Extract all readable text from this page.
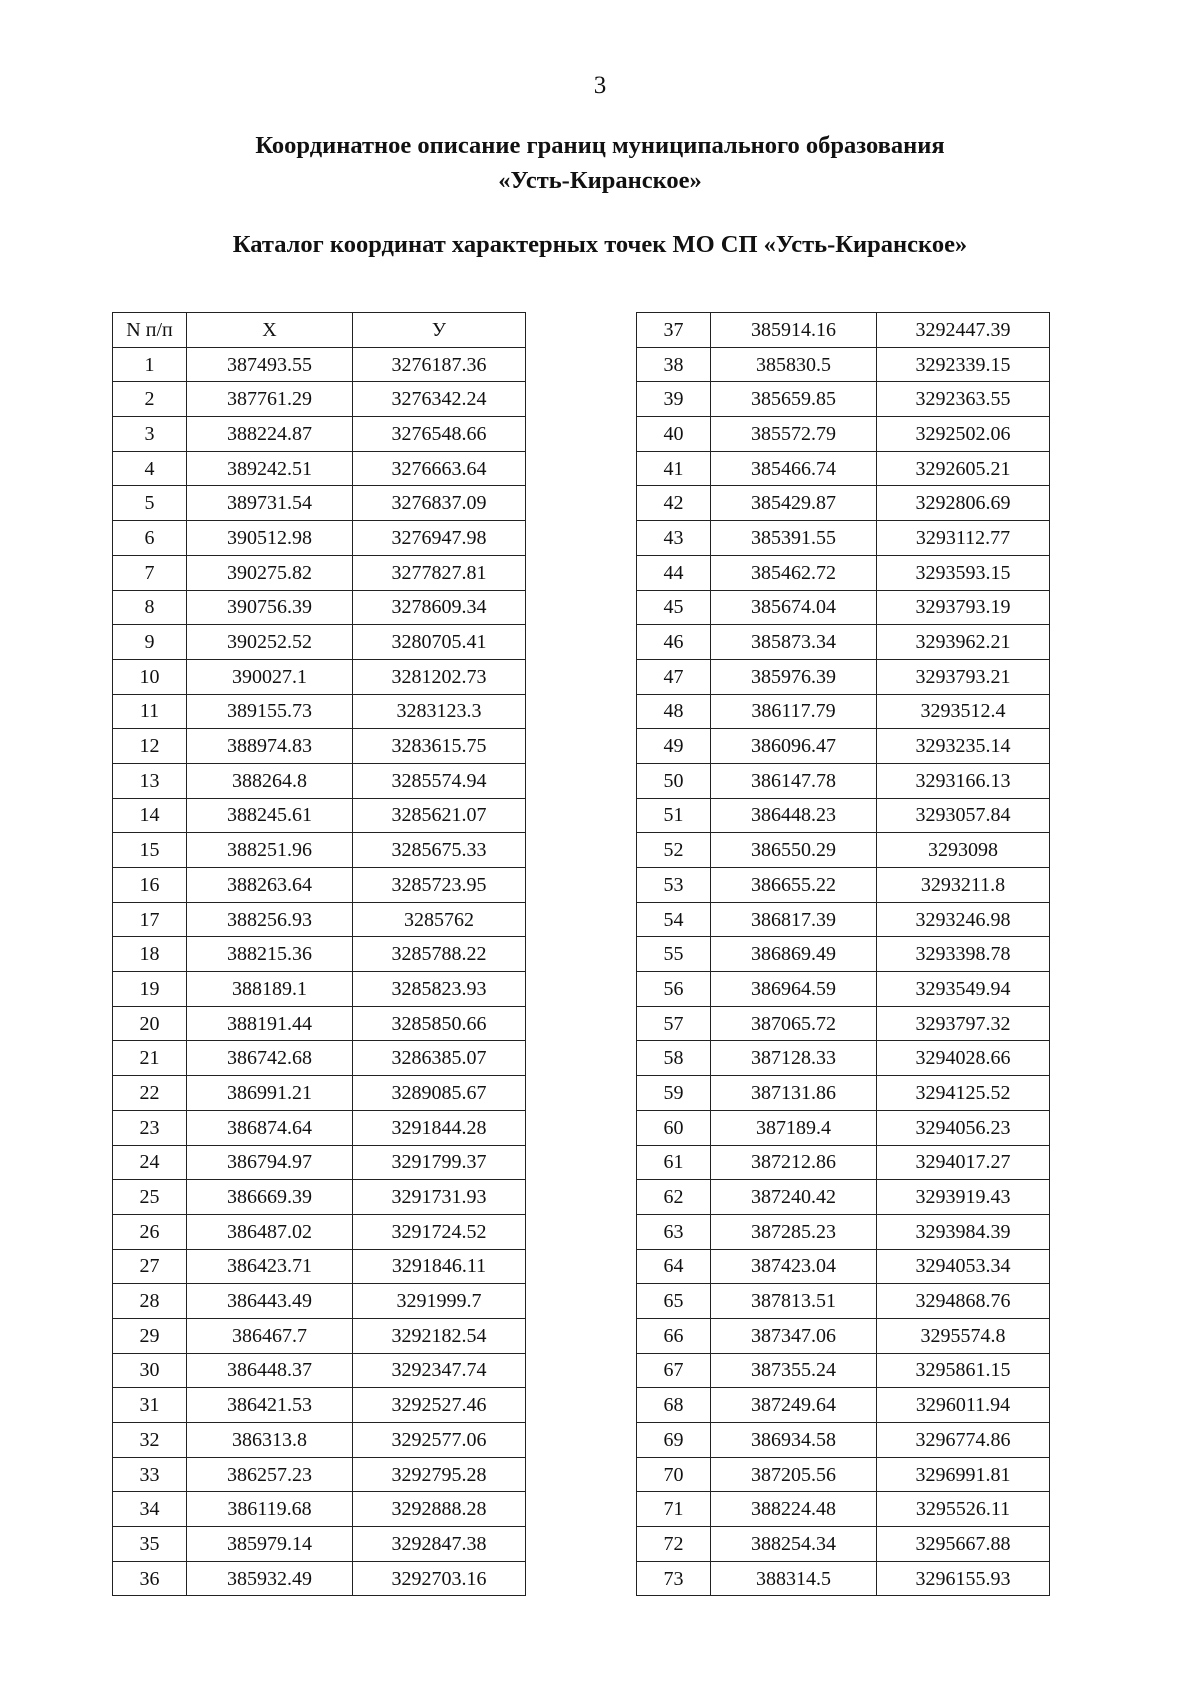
3
Координатное описание границ муниципального образования
«Усть-Киранское»
Каталог координат характерных точек МО СП «Усть-Киранское»
N п/п	X	У
1	387493.55	3276187.36
2	387761.29	3276342.24
3	388224.87	3276548.66
4	389242.51	3276663.64
5	389731.54	3276837.09
6	390512.98	3276947.98
7	390275.82	3277827.81
8	390756.39	3278609.34
9	390252.52	3280705.41
10	390027.1	3281202.73
11	389155.73	3283123.3
12	388974.83	3283615.75
13	388264.8	3285574.94
14	388245.61	3285621.07
15	388251.96	3285675.33
16	388263.64	3285723.95
17	388256.93	3285762
18	388215.36	3285788.22
19	388189.1	3285823.93
20	388191.44	3285850.66
21	386742.68	3286385.07
22	386991.21	3289085.67
23	386874.64	3291844.28
24	386794.97	3291799.37
25	386669.39	3291731.93
26	386487.02	3291724.52
27	386423.71	3291846.11
28	386443.49	3291999.7
29	386467.7	3292182.54
30	386448.37	3292347.74
31	386421.53	3292527.46
32	386313.8	3292577.06
33	386257.23	3292795.28
34	386119.68	3292888.28
35	385979.14	3292847.38
36	385932.49	3292703.16
37	385914.16	3292447.39
38	385830.5	3292339.15
39	385659.85	3292363.55
40	385572.79	3292502.06
41	385466.74	3292605.21
42	385429.87	3292806.69
43	385391.55	3293112.77
44	385462.72	3293593.15
45	385674.04	3293793.19
46	385873.34	3293962.21
47	385976.39	3293793.21
48	386117.79	3293512.4
49	386096.47	3293235.14
50	386147.78	3293166.13
51	386448.23	3293057.84
52	386550.29	3293098
53	386655.22	3293211.8
54	386817.39	3293246.98
55	386869.49	3293398.78
56	386964.59	3293549.94
57	387065.72	3293797.32
58	387128.33	3294028.66
59	387131.86	3294125.52
60	387189.4	3294056.23
61	387212.86	3294017.27
62	387240.42	3293919.43
63	387285.23	3293984.39
64	387423.04	3294053.34
65	387813.51	3294868.76
66	387347.06	3295574.8
67	387355.24	3295861.15
68	387249.64	3296011.94
69	386934.58	3296774.86
70	387205.56	3296991.81
71	388224.48	3295526.11
72	388254.34	3295667.88
73	388314.5	3296155.93
